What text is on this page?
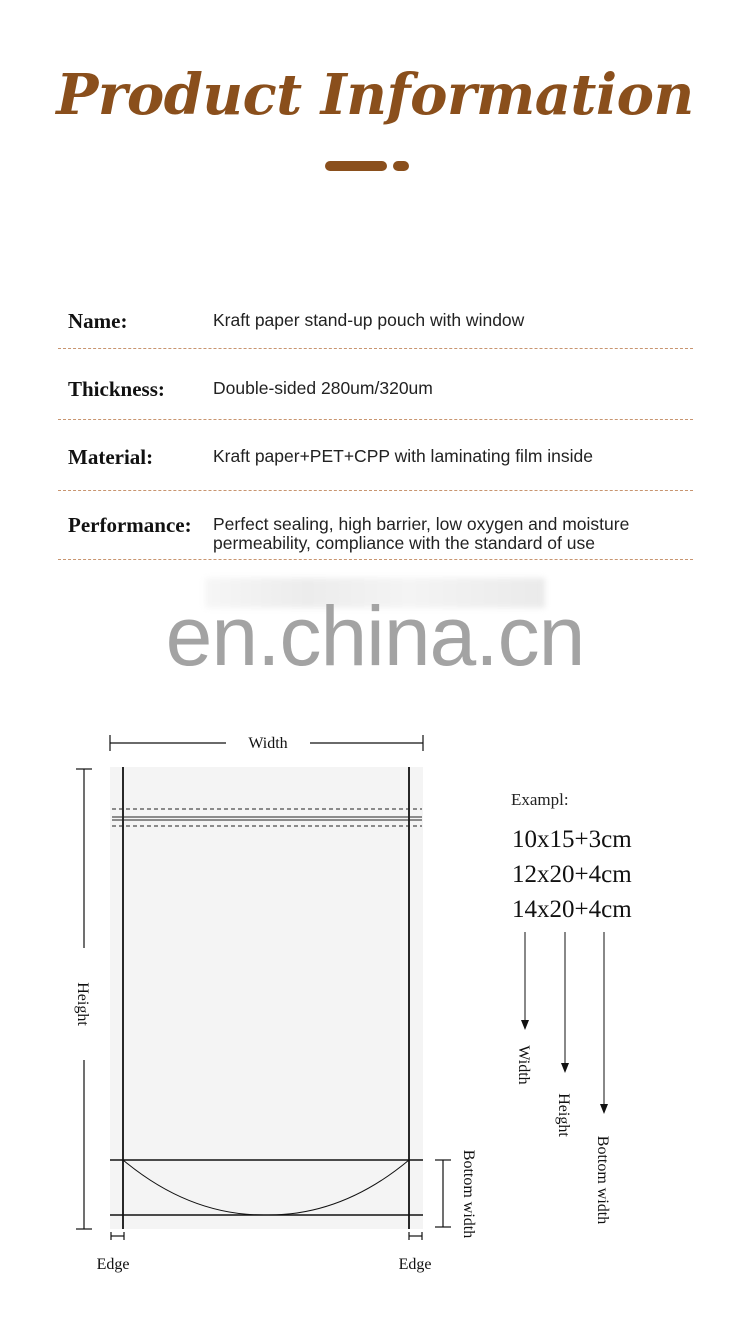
Product Information
Name:	Kraft paper stand-up pouch with window
Thickness:	Double-sided 280um/320um
Material:	Kraft paper+PET+CPP with laminating film inside
Performance: Perfect sealing, high barrier, low oxygen and moisture permeability, compliance with the standard of use
en.china.cn
Width
Height
Bottom width
Edge	Edge
Width
Height
Bottom width
Exampl:
10x15+3cm
12x20+4cm
14x20+4cm
